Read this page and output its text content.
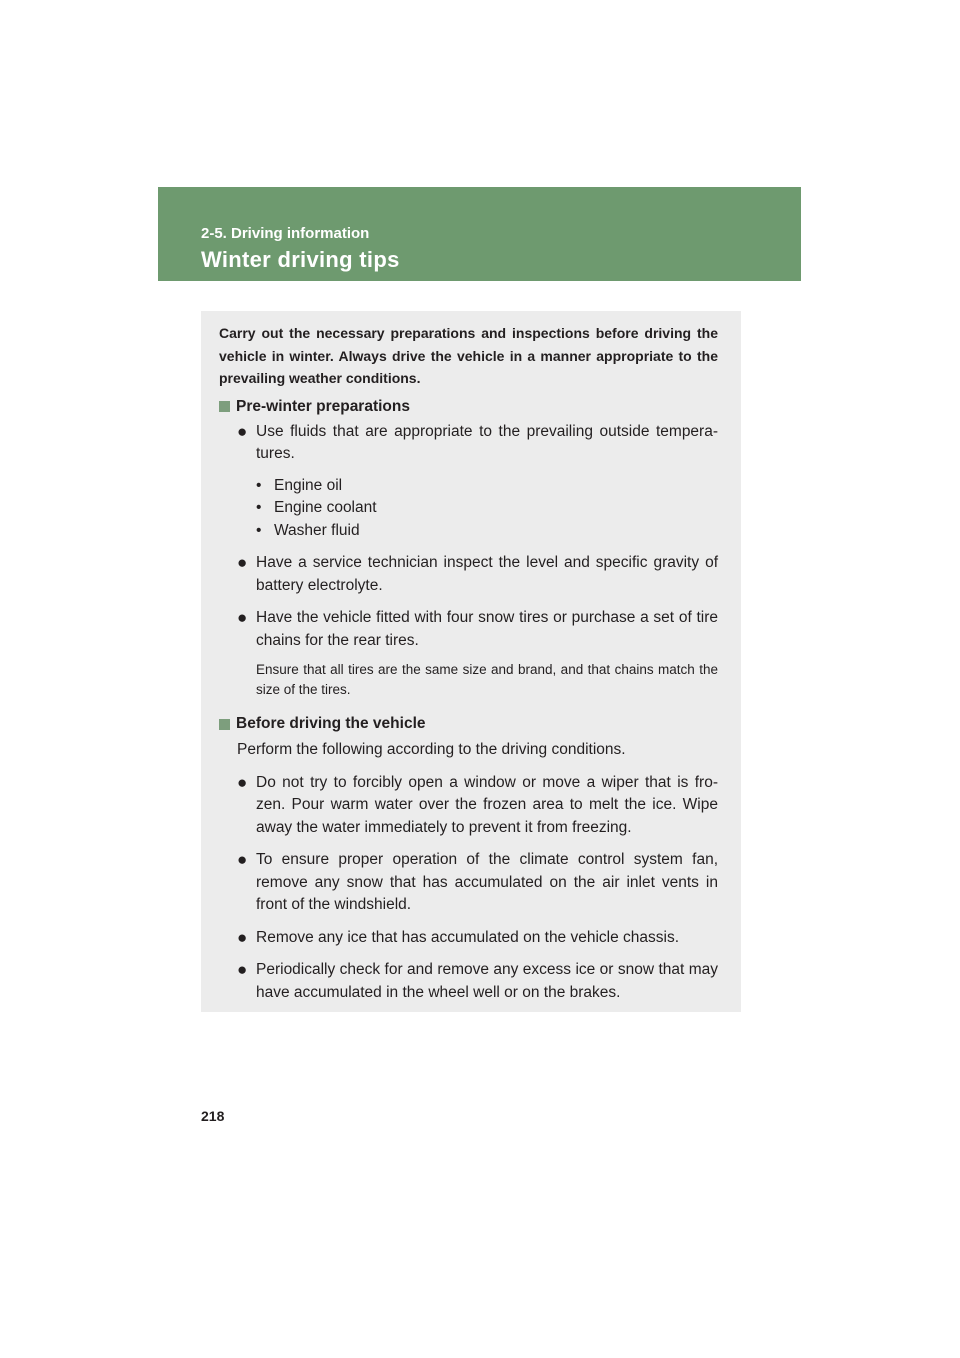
2-5. Driving information
Winter driving tips

Carry out the necessary preparations and inspections before driving the vehicle in winter. Always drive the vehicle in a manner appropriate to the prevailing weather conditions.

Pre-winter preparations
● Use fluids that are appropriate to the prevailing outside tempera-tures.
• Engine oil
• Engine coolant
• Washer fluid
● Have a service technician inspect the level and specific gravity of battery electrolyte.
● Have the vehicle fitted with four snow tires or purchase a set of tire chains for the rear tires.

Ensure that all tires are the same size and brand, and that chains match the size of the tires.

Before driving the vehicle

Perform the following according to the driving conditions.

● Do not try to forcibly open a window or move a wiper that is fro-zen. Pour warm water over the frozen area to melt the ice. Wipe away the water immediately to prevent it from freezing.
● To ensure proper operation of the climate control system fan, remove any snow that has accumulated on the air inlet vents in front of the windshield.
● Remove any ice that has accumulated on the vehicle chassis.
● Periodically check for and remove any excess ice or snow that may have accumulated in the wheel well or on the brakes.
218
